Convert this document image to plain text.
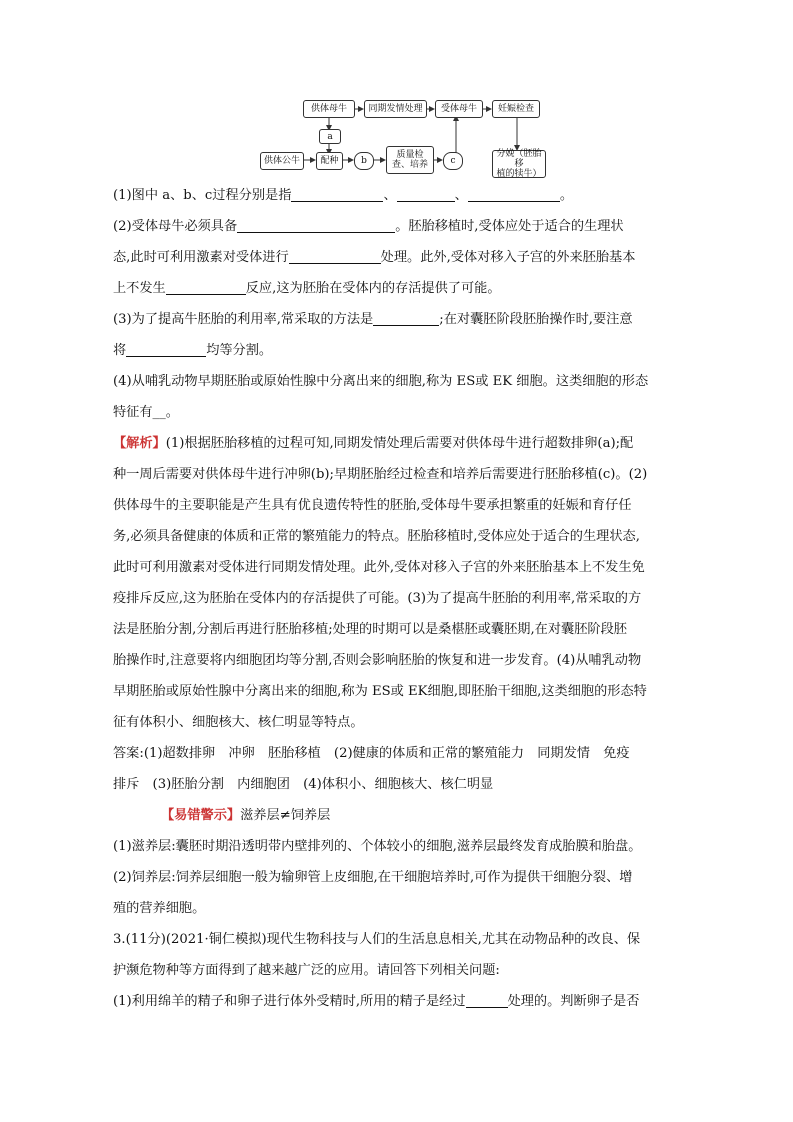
供体母牛	同期发情处理	受体母牛	妊娠检查
a
供体公牛	配种	b
质量检
查、培养	c
分娩（胚胎移
植的犊牛）
(1)图中 a、b、c过程分别是指	、	、	。
(2)受体母牛必须具备	。胚胎移植时,受体应处于适合的生理状
态,此时可利用激素对受体进行	处理。此外,受体对移入子宫的外来胚胎基本
上不发生	反应,这为胚胎在受体内的存活提供了可能。
(3)为了提高牛胚胎的利用率,常采取的方法是	;在对囊胚阶段胚胎操作时,要注意
将	均等分割。
(4)从哺乳动物早期胚胎或原始性腺中分离出来的细胞,称为 ES或 EK 细胞。这类细胞的形态
特征有__。
【解析】(1)根据胚胎移植的过程可知,同期发情处理后需要对供体母牛进行超数排卵(a);配
种一周后需要对供体母牛进行冲卵(b);早期胚胎经过检查和培养后需要进行胚胎移植(c)。(2)
供体母牛的主要职能是产生具有优良遗传特性的胚胎,受体母牛要承担繁重的妊娠和育仔任
务,必须具备健康的体质和正常的繁殖能力的特点。胚胎移植时,受体应处于适合的生理状态,
此时可利用激素对受体进行同期发情处理。此外,受体对移入子宫的外来胚胎基本上不发生免
疫排斥反应,这为胚胎在受体内的存活提供了可能。(3)为了提高牛胚胎的利用率,常采取的方
法是胚胎分割,分割后再进行胚胎移植;处理的时期可以是桑椹胚或囊胚期,在对囊胚阶段胚
胎操作时,注意要将内细胞团均等分割,否则会影响胚胎的恢复和进一步发育。(4)从哺乳动物
早期胚胎或原始性腺中分离出来的细胞,称为 ES或 EK细胞,即胚胎干细胞,这类细胞的形态特
征有体积小、细胞核大、核仁明显等特点。
答案:(1)超数排卵　冲卵　胚胎移植　(2)健康的体质和正常的繁殖能力　同期发情　免疫
排斥　(3)胚胎分割　内细胞团　(4)体积小、细胞核大、核仁明显
【易错警示】滋养层≠饲养层
(1)滋养层:囊胚时期沿透明带内壁排列的、个体较小的细胞,滋养层最终发育成胎膜和胎盘。
(2)饲养层:饲养层细胞一般为输卵管上皮细胞,在干细胞培养时,可作为提供干细胞分裂、增
殖的营养细胞。
3.(11分)(2021·铜仁模拟)现代生物科技与人们的生活息息相关,尤其在动物品种的改良、保
护濒危物种等方面得到了越来越广泛的应用。请回答下列相关问题:
(1)利用绵羊的精子和卵子进行体外受精时,所用的精子是经过	处理的。判断卵子是否
